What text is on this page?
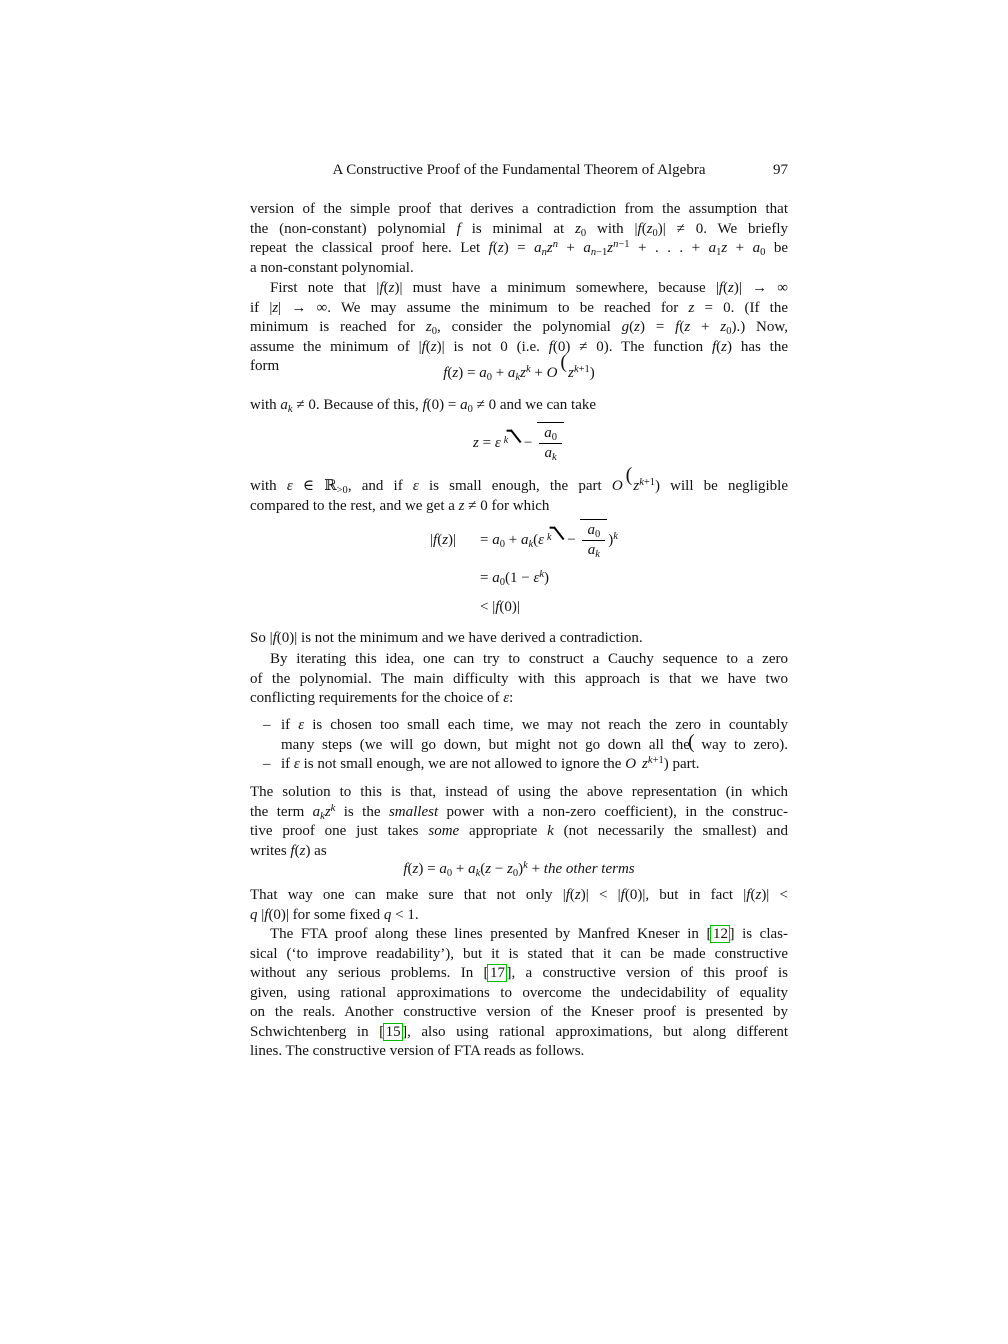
A Constructive Proof of the Fundamental Theorem of Algebra	97
version of the simple proof that derives a contradiction from the assumption that
the (non-constant) polynomial f is minimal at $z_0$ with $|f(z_0)| \ne 0$. We briefly
repeat the classical proof here. Let $f(z) = a_nz^n + a_{n-1}z^{n-1}$ + . . . + $a_1z + a_0$ be
a non-constant polynomial.
First note that |f(z)| must have a minimum somewhere, because |f(z)| → ∞
if |z| → ∞. We may assume the minimum to be reached for z = 0. (If the
minimum is reached for $z_0$, consider the polynomial $g(z) = f(z + z_0)$.) Now,
assume the minimum of |f(z)| is not 0 (i.e. f(0) ≠ 0). The function f(z) has the
form	$f(z) = a_0 + a_kz^k + O$ $(z^{k+1})$
with $a_k \ne 0$. Because of this, $f(0) = a_0 \ne 0$ and we can take
z = ε $^k - \frac{a_0}{a_k}$
with ε ∈ ℝ$_{>0}$, and if ε is small enough, the part O $(z^{k+1})$ will be negligible
compared to the rest, and we get a z ≠ 0 for which
|f(z)|	= $a_0 + a_k(\varepsilon$ $^k - \frac{a_0}{a_k} )^k$
= $a_0(1 - \varepsilon^k)$
< |f(0)|
So |f(0)| is not the minimum and we have derived a contradiction.
By iterating this idea, one can try to construct a Cauchy sequence to a zero
of the polynomial. The main difficulty with this approach is that we have two
conflicting requirements for the choice of ε:
– if ε is chosen too small each time, we may not reach the zero in countably
many steps (we will go down, but might not go down all the( way to zero).
– if ε is not small enough, we are not allowed to ignore the O   $z^{k+1}$) part.
The solution to this is that, instead of using the above representation (in which
the term $a_kz^k$ is the smallest power with a non-zero coefficient), in the construc-
tive proof one just takes some appropriate k (not necessarily the smallest) and
writes f(z) as
$f(z) = a_0 + a_k(z - z_0)^k$ + the other terms
That way one can make sure that not only |f(z)| < |f(0)|, but in fact |f(z)| <
q |f(0)| for some fixed q < 1.
The FTA proof along these lines presented by Manfred Kneser in [ 12 ] is clas-
sical (‘to improve readability’), but it is stated that it can be made constructive
without any serious problems. In [ 17 ], a constructive version of this proof is
given, using rational approximations to overcome the undecidability of equality
on the reals. Another constructive version of the Kneser proof is presented by
Schwichtenberg in [ 15 ], also using rational approximations, but along different
lines. The constructive version of FTA reads as follows.
